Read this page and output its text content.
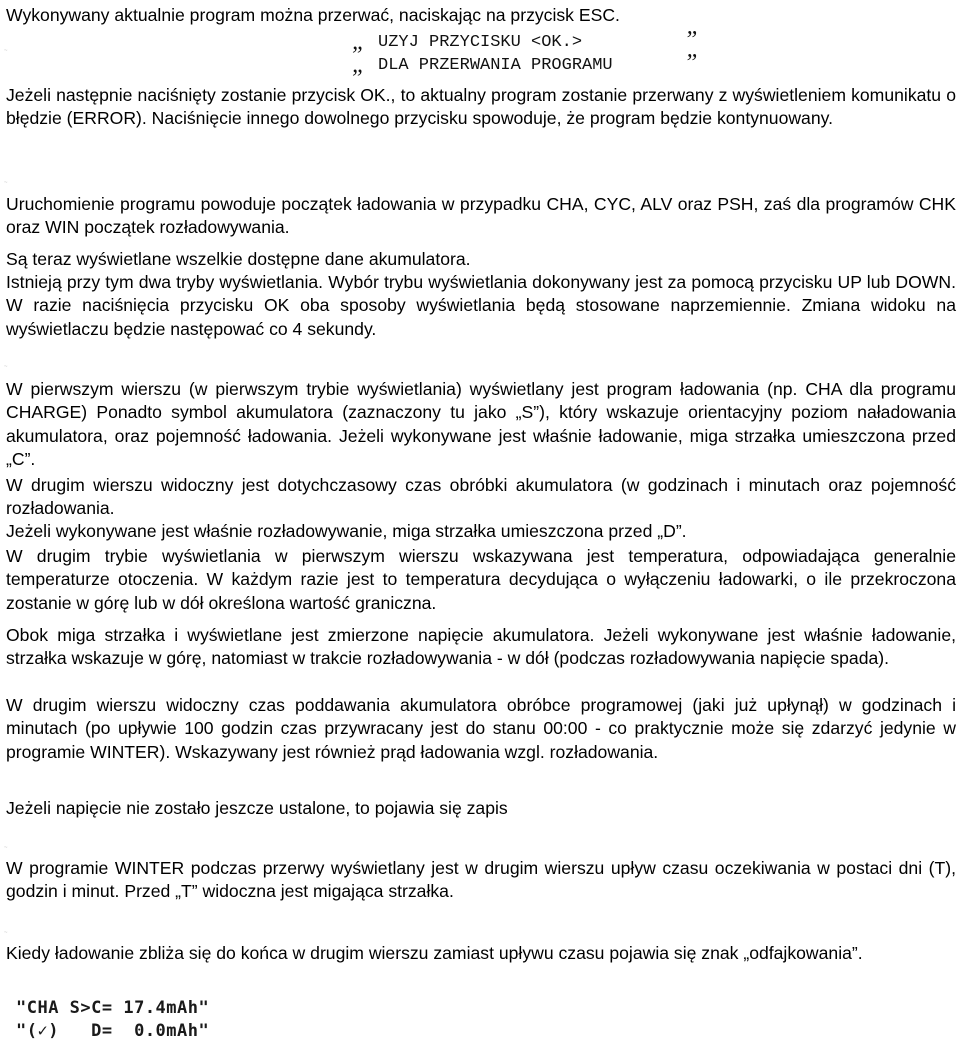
Wykonywany aktualnie program można przerwać, naciskając na przycisk ESC.

~	„ UZYJ PRZYCISKU <OK.>	”
„ DLA PRZERWANIA PROGRAMU	”

Jeżeli następnie naciśnięty zostanie przycisk OK., to aktualny program zostanie przerwany z wyświetleniem komunikatu o błędzie (ERROR). Naciśnięcie innego dowolnego przycisku spowoduje, że program będzie kontynuowany.

~

Uruchomienie programu powoduje początek ładowania w przypadku CHA, CYC, ALV oraz PSH, zaś dla programów CHK oraz WIN początek rozładowywania.

Są teraz wyświetlane wszelkie dostępne dane akumulatora.

Istnieją przy tym dwa tryby wyświetlania. Wybór trybu wyświetlania dokonywany jest za pomocą przycisku UP lub DOWN. W razie naciśnięcia przycisku OK oba sposoby wyświetlania będą stosowane naprzemiennie. Zmiana widoku na wyświetlaczu będzie następować co 4 sekundy.

~

W pierwszym wierszu (w pierwszym trybie wyświetlania) wyświetlany jest program ładowania (np. CHA dla programu CHARGE) Ponadto symbol akumulatora (zaznaczony tu jako „S”), który wskazuje orientacyjny poziom naładowania akumulatora, oraz pojemność ładowania. Jeżeli wykonywane jest właśnie ładowanie, miga strzałka umieszczona przed „C”.

W drugim wierszu widoczny jest dotychczasowy czas obróbki akumulatora (w godzinach i minutach oraz pojemność rozładowania.

Jeżeli wykonywane jest właśnie rozładowywanie, miga strzałka umieszczona przed „D”.

W drugim trybie wyświetlania w pierwszym wierszu wskazywana jest temperatura, odpowiadająca generalnie temperaturze otoczenia. W każdym razie jest to temperatura decydująca o wyłączeniu ładowarki, o ile przekroczona zostanie w górę lub w dół określona wartość graniczna.

Obok miga strzałka i wyświetlane jest zmierzone napięcie akumulatora. Jeżeli wykonywane jest właśnie ładowanie, strzałka wskazuje w górę, natomiast w trakcie rozładowywania - w dół (podczas rozładowywania napięcie spada).

W drugim wierszu widoczny czas poddawania akumulatora obróbce programowej (jaki już upłynął) w godzinach i minutach (po upływie 100 godzin czas przywracany jest do stanu 00:00 - co praktycznie może się zdarzyć jedynie w programie WINTER). Wskazywany jest również prąd ładowania wzgl. rozładowania.

Jeżeli napięcie nie zostało jeszcze ustalone, to pojawia się zapis

~

W programie WINTER podczas przerwy wyświetlany jest w drugim wierszu upływ czasu oczekiwania w postaci dni (T), godzin i minut. Przed „T” widoczna jest migająca strzałka.

~

Kiedy ładowanie zbliża się do końca w drugim wierszu zamiast upływu czasu pojawia się znak „odfajkowania”.

"CHA S>C= 17.4mAh"
"(✓)   D=  0.0mAh"
